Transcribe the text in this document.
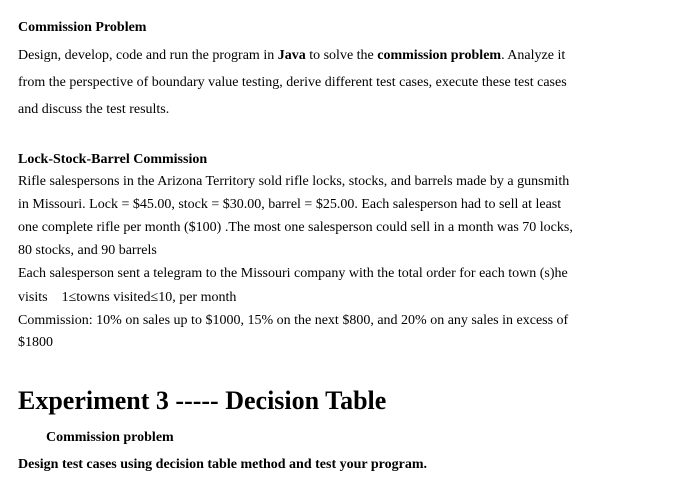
Commission Problem
Design, develop, code and run the program in Java to solve the commission problem. Analyze it
from the perspective of boundary value testing, derive different test cases, execute these test cases
and discuss the test results.
Lock-Stock-Barrel Commission
Rifle salespersons in the Arizona Territory sold rifle locks, stocks, and barrels made by a gunsmith
in Missouri. Lock = $45.00, stock = $30.00, barrel = $25.00. Each salesperson had to sell at least
one complete rifle per month ($100) .The most one salesperson could sell in a month was 70 locks,
80 stocks, and 90 barrels
Each salesperson sent a telegram to the Missouri company with the total order for each town (s)he
visits    1≤towns visited≤10, per month
Commission: 10% on sales up to $1000, 15% on the next $800, and 20% on any sales in excess of
$1800
Experiment 3 ----- Decision Table
Commission problem
Design test cases using decision table method and test your program.
